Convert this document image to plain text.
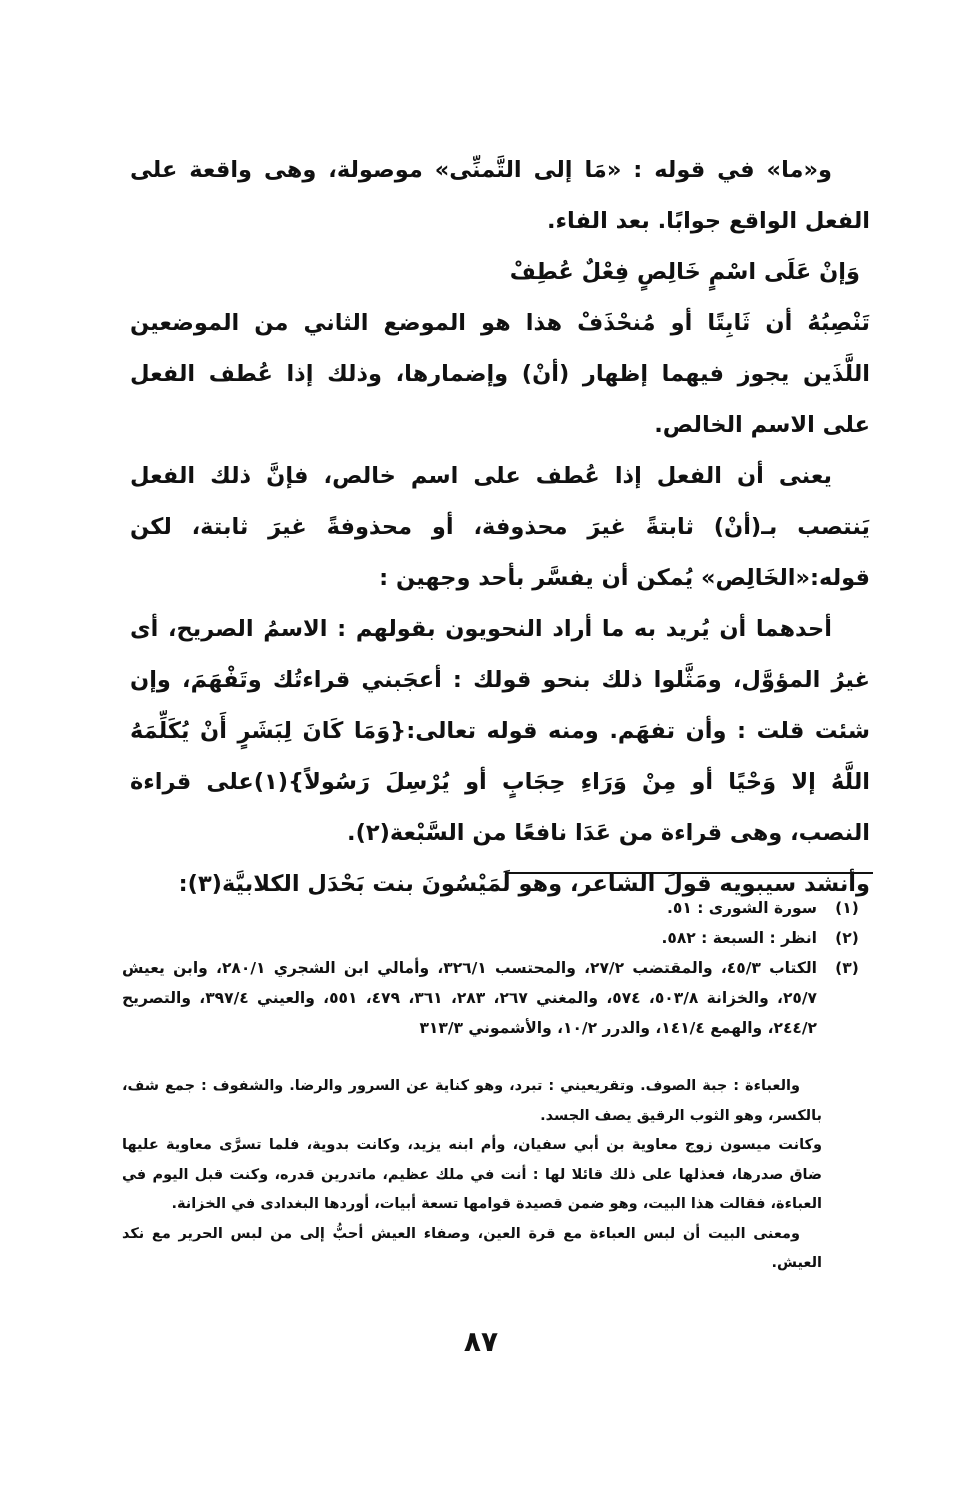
و«ما» في قوله : «مَا إلى التَّمنِّى» موصولة، وهى واقعة على الفعل الواقع جوابًا. بعد الفاء.

وَإنْ عَلَى اسْمٍ خَالِصٍ فِعْلٌ عُطِفْ

تَنْصِبُهُ أن ثَابِتًا أو مُنحْذَفْ هذا هو الموضع الثاني من الموضعين اللَّذَين يجوز فيهما إظهار (أنْ) وإضمارها، وذلك إذا عُطف الفعل على الاسم الخالص.

يعنى أن الفعل إذا عُطف على اسم خالص، فإنَّ ذلك الفعل يَنتصب بـ(أنْ) ثابتةً غيرَ محذوفة، أو محذوفةً غيرَ ثابتة، لكن قوله:«الخَالِص» يُمكن أن يفسَّر بأحد وجهين :

أحدهما أن يُريد به ما أراد النحويون بقولهم : الاسمُ الصريح، أى غيرُ المؤوَّل، ومَثَّلوا ذلك بنحو قولك : أعجَبني قراءتُك وتَفْهَمَ، وإن شئت قلت : وأن تفهَم. ومنه قوله تعالى:{وَمَا كَانَ لِبَشَرٍ أَنْ يُكَلِّمَهُ اللَّهُ إلا وَحْيًا أو مِنْ وَرَاءِ حِجَابٍ أو يُرْسِلَ رَسُولاً}(١)على قراءة النصب، وهى قراءة من عَدَا نافعًا من السَّبْعة(٢).

وأنشد سيبويه قولَ الشاعر، وهو لَمَيْسُونَ بنت بَحْدَل الكلابيَّة(٣):

(١)
سورة الشورى : ٥١.
(٢)
انظر : السبعة : ٥٨٢.
(٣)
الكتاب ٤٥/٣، والمقتضب ٢٧/٢، والمحتسب ٣٢٦/١، وأمالي ابن الشجري ٢٨٠/١، وابن يعيش ٢٥/٧، والخزانة ٥٠٣/٨، ٥٧٤، والمغني ٢٦٧، ٢٨٣، ٣٦١، ٤٧٩، ٥٥١، والعيني ٣٩٧/٤، والتصريح ٢٤٤/٢، والهمع ١٤١/٤، والدرر ١٠/٢، والأشموني ٣١٣/٣

والعباءة : جبة الصوف. وتقريعيني : تبرد، وهو كناية عن السرور والرضا. والشفوف : جمع شف، بالكسر، وهو الثوب الرقيق يصف الجسد.

وكانت ميسون زوج معاوية بن أبي سفيان، وأم ابنه يزيد، وكانت بدوية، فلما تسرَّى معاوية عليها ضاق صدرها، فعذلها على ذلك قائلا لها : أنت في ملك عظيم، ماتدرين قدره، وكنت قبل اليوم في العباءة، فقالت هذا البيت، وهو ضمن قصيدة قوامها تسعة أبيات، أوردها البغدادى في الخزانة.

ومعنى البيت أن لبس العباءة مع قرة العين، وصفاء العيش أحبُّ إلى من لبس الحرير مع نكد العيش.

٨٧
